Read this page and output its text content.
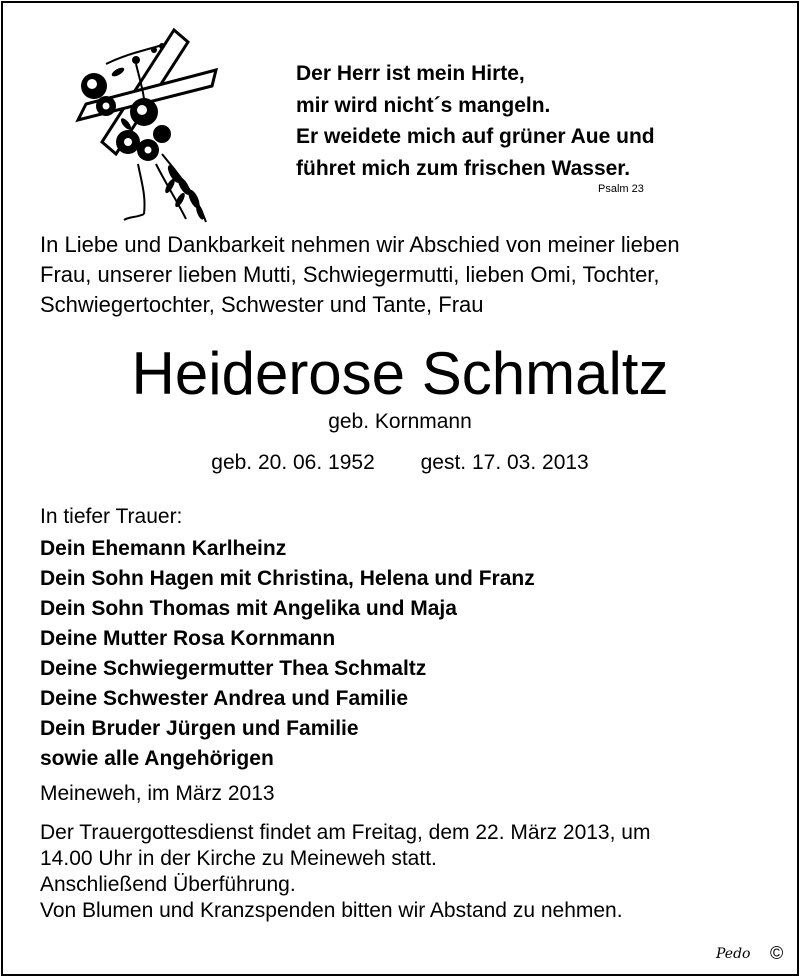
Der Herr ist mein Hirte,
mir wird nicht´s mangeln.
Er weidete mich auf grüner Aue und
führet mich zum frischen Wasser.
Psalm 23
In Liebe und Dankbarkeit nehmen wir Abschied von meiner lieben
Frau, unserer lieben Mutti, Schwiegermutti, lieben Omi, Tochter,
Schwiegertochter, Schwester und Tante, Frau
Heiderose Schmaltz
geb. Kornmann
geb. 20. 06. 1952 gest. 17. 03. 2013
In tiefer Trauer:
Dein Ehemann Karlheinz
Dein Sohn Hagen mit Christina, Helena und Franz
Dein Sohn Thomas mit Angelika und Maja
Deine Mutter Rosa Kornmann
Deine Schwiegermutter Thea Schmaltz
Deine Schwester Andrea und Familie
Dein Bruder Jürgen und Familie
sowie alle Angehörigen
Meineweh, im März 2013
Der Trauergottesdienst findet am Freitag, dem 22. März 2013, um
14.00 Uhr in der Kirche zu Meineweh statt.
Anschließend Überführung.
Von Blumen und Kranzspenden bitten wir Abstand zu nehmen.
Pedo ©
